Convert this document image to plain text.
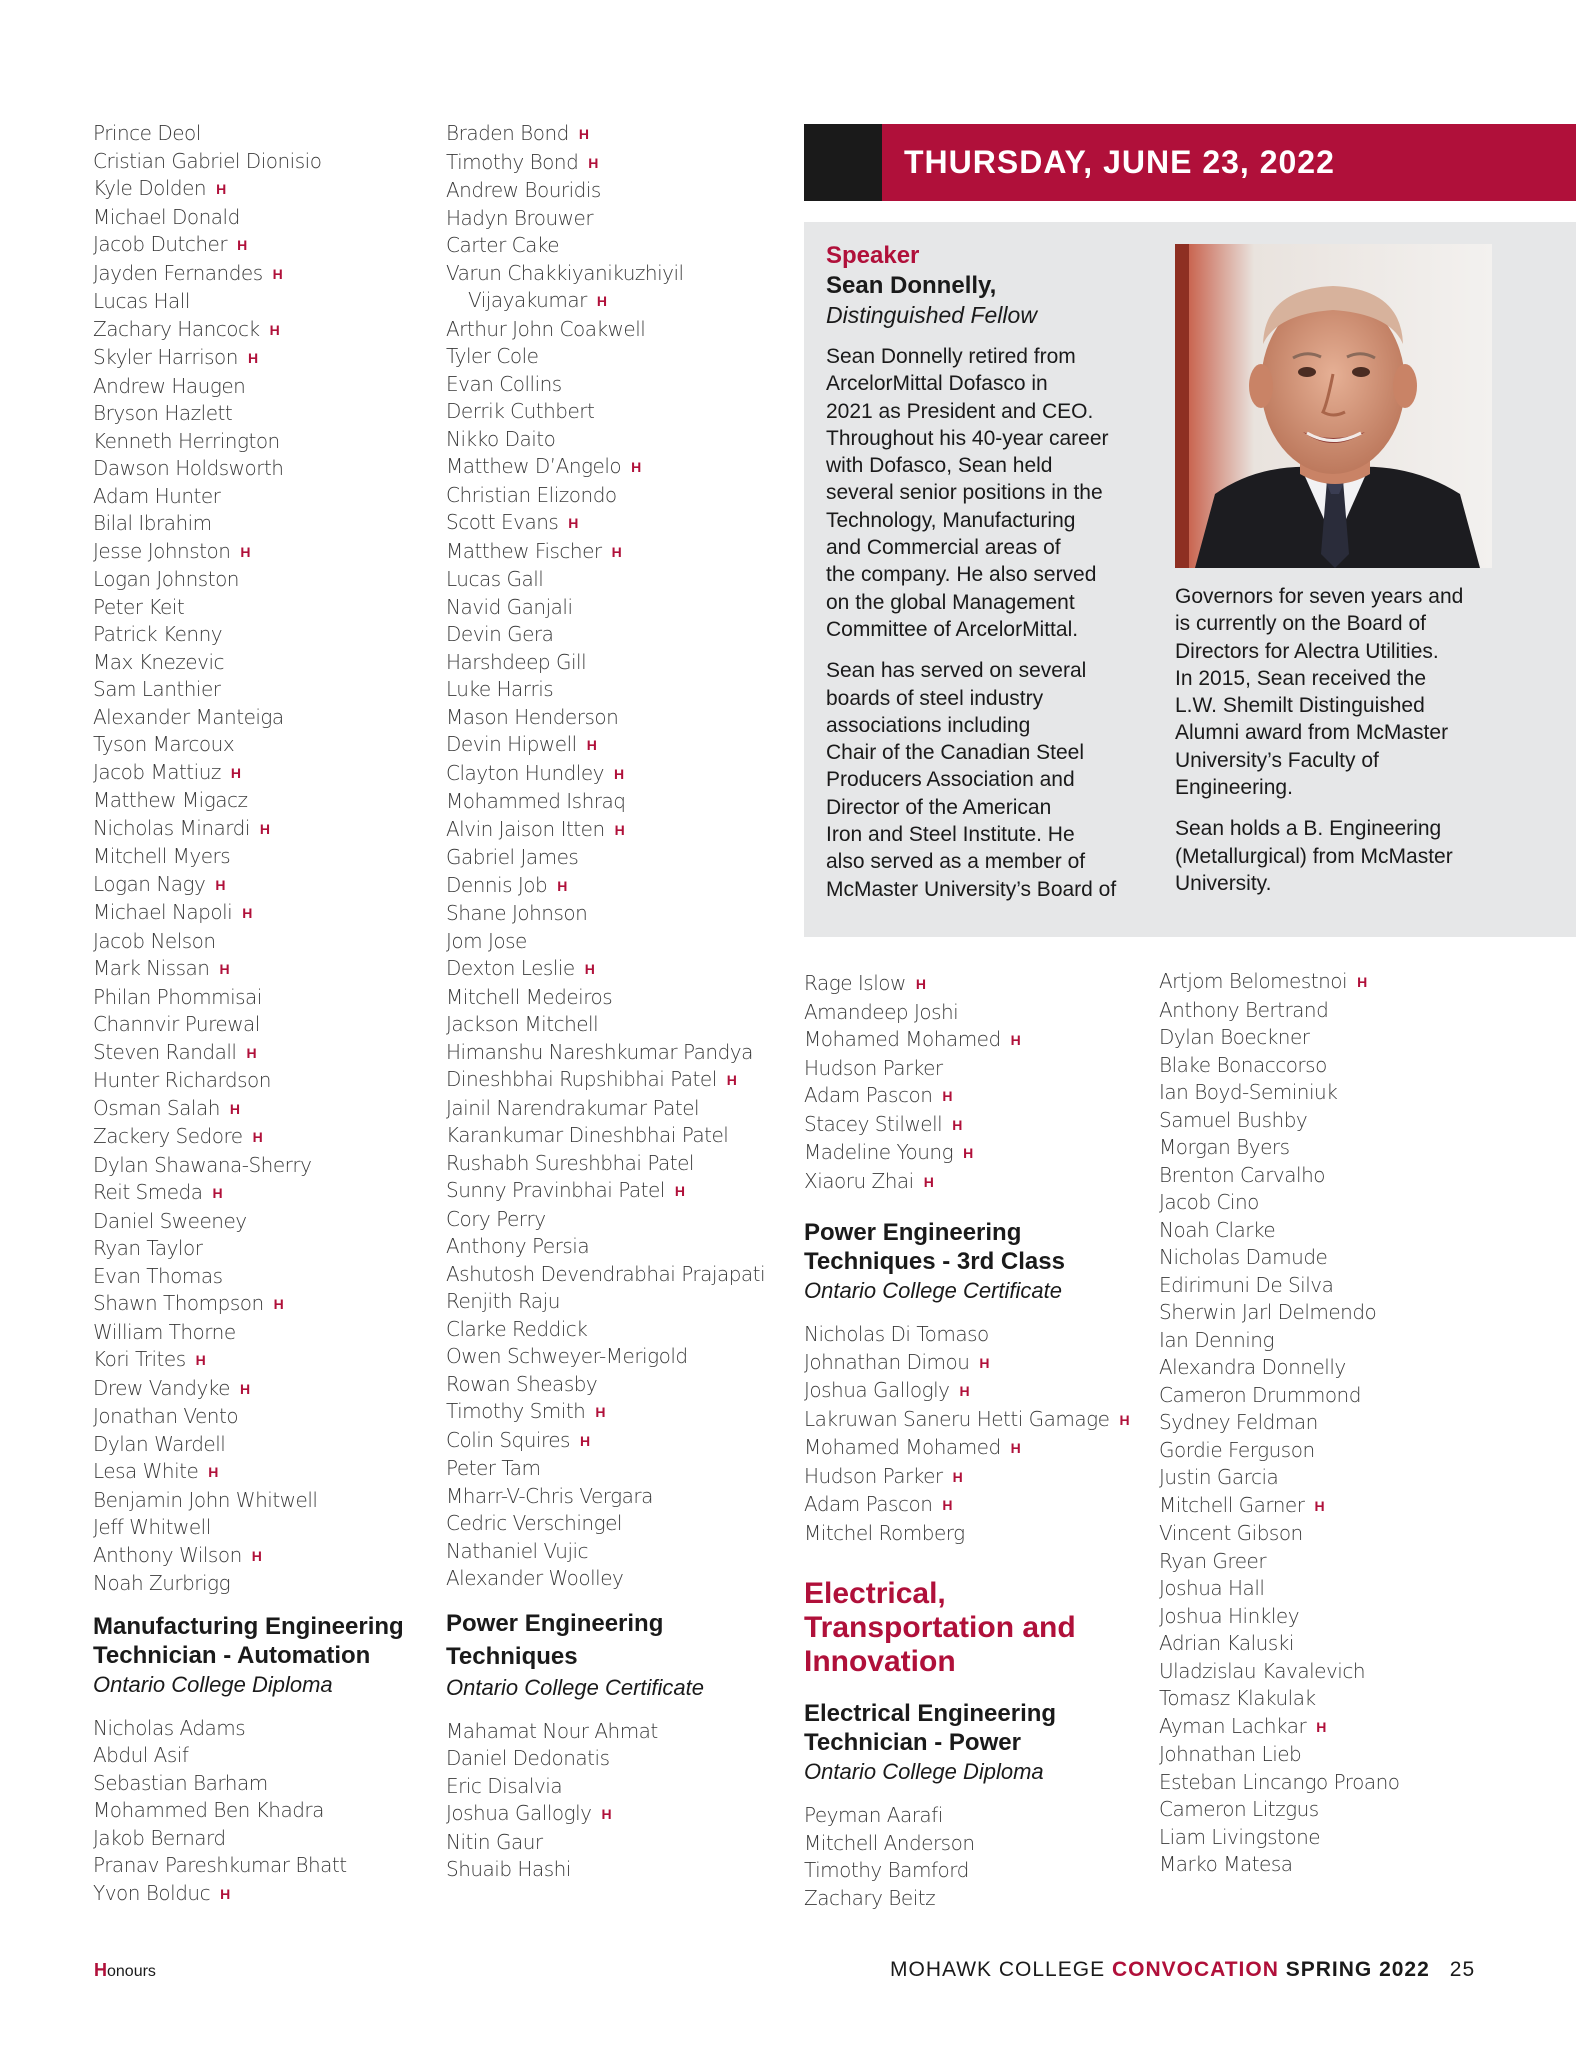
Prince Deol
Cristian Gabriel Dionisio
Kyle Dolden H
Michael Donald
Jacob Dutcher H
Jayden Fernandes H
Lucas Hall
Zachary Hancock H
Skyler Harrison H
Andrew Haugen
Bryson Hazlett
Kenneth Herrington
Dawson Holdsworth
Adam Hunter
Bilal Ibrahim
Jesse Johnston H
Logan Johnston
Peter Keit
Patrick Kenny
Max Knezevic
Sam Lanthier
Alexander Manteiga
Tyson Marcoux
Jacob Mattiuz H
Matthew Migacz
Nicholas Minardi H
Mitchell Myers
Logan Nagy H
Michael Napoli H
Jacob Nelson
Mark Nissan H
Philan Phommisai
Channvir Purewal
Steven Randall H
Hunter Richardson
Osman Salah H
Zackery Sedore H
Dylan Shawana-Sherry
Reit Smeda H
Daniel Sweeney
Ryan Taylor
Evan Thomas
Shawn Thompson H
William Thorne
Kori Trites H
Drew Vandyke H
Jonathan Vento
Dylan Wardell
Lesa White H
Benjamin John Whitwell
Jeff Whitwell
Anthony Wilson H
Noah Zurbrigg
Manufacturing Engineering
Technician - Automation
Ontario College Diploma
Nicholas Adams
Abdul Asif
Sebastian Barham
Mohammed Ben Khadra
Jakob Bernard
Pranav Pareshkumar Bhatt
Yvon Bolduc H
Braden Bond H
Timothy Bond H
Andrew Bouridis
Hadyn Brouwer
Carter Cake
Varun Chakkiyanikuzhiyil
Vijayakumar H
Arthur John Coakwell
Tyler Cole
Evan Collins
Derrik Cuthbert
Nikko Daito
Matthew D’Angelo H
Christian Elizondo
Scott Evans H
Matthew Fischer H
Lucas Gall
Navid Ganjali
Devin Gera
Harshdeep Gill
Luke Harris
Mason Henderson
Devin Hipwell H
Clayton Hundley H
Mohammed Ishraq
Alvin Jaison Itten H
Gabriel James
Dennis Job H
Shane Johnson
Jom Jose
Dexton Leslie H
Mitchell Medeiros
Jackson Mitchell
Himanshu Nareshkumar Pandya
Dineshbhai Rupshibhai Patel H
Jainil Narendrakumar Patel
Karankumar Dineshbhai Patel
Rushabh Sureshbhai Patel
Sunny Pravinbhai Patel H
Cory Perry
Anthony Persia
Ashutosh Devendrabhai Prajapati
Renjith Raju
Clarke Reddick
Owen Schweyer-Merigold
Rowan Sheasby
Timothy Smith H
Colin Squires H
Peter Tam
Mharr-V-Chris Vergara
Cedric Verschingel
Nathaniel Vujic
Alexander Woolley
Power Engineering
Techniques
Ontario College Certificate
Mahamat Nour Ahmat
Daniel Dedonatis
Eric Disalvia
Joshua Gallogly H
Nitin Gaur
Shuaib Hashi
THURSDAY, JUNE 23, 2022
Speaker
Sean Donnelly,
Distinguished Fellow
Sean Donnelly retired from
ArcelorMittal Dofasco in
2021 as President and CEO.
Throughout his 40-year career
with Dofasco, Sean held
several senior positions in the
Technology, Manufacturing
and Commercial areas of
the company. He also served
on the global Management
Committee of ArcelorMittal.
Sean has served on several
boards of steel industry
associations including
Chair of the Canadian Steel
Producers Association and
Director of the American
Iron and Steel Institute. He
also served as a member of
McMaster University’s Board of
Governors for seven years and
is currently on the Board of
Directors for Alectra Utilities.
In 2015, Sean received the
L.W. Shemilt Distinguished
Alumni award from McMaster
University’s Faculty of
Engineering.
Sean holds a B. Engineering
(Metallurgical) from McMaster
University.
Rage Islow H
Amandeep Joshi
Mohamed Mohamed H
Hudson Parker
Adam Pascon H
Stacey Stilwell H
Madeline Young H
Xiaoru Zhai H
Power Engineering
Techniques - 3rd Class
Ontario College Certificate
Nicholas Di Tomaso
Johnathan Dimou H
Joshua Gallogly H
Lakruwan Saneru Hetti Gamage H
Mohamed Mohamed H
Hudson Parker H
Adam Pascon H
Mitchel Romberg
Electrical,
Transportation and
Innovation
Electrical Engineering
Technician - Power
Ontario College Diploma
Peyman Aarafi
Mitchell Anderson
Timothy Bamford
Zachary Beitz
Artjom Belomestnoi H
Anthony Bertrand
Dylan Boeckner
Blake Bonaccorso
Ian Boyd-Seminiuk
Samuel Bushby
Morgan Byers
Brenton Carvalho
Jacob Cino
Noah Clarke
Nicholas Damude
Edirimuni De Silva
Sherwin Jarl Delmendo
Ian Denning
Alexandra Donnelly
Cameron Drummond
Sydney Feldman
Gordie Ferguson
Justin Garcia
Mitchell Garner H
Vincent Gibson
Ryan Greer
Joshua Hall
Joshua Hinkley
Adrian Kaluski
Uladzislau Kavalevich
Tomasz Klakulak
Ayman Lachkar H
Johnathan Lieb
Esteban Lincango Proano
Cameron Litzgus
Liam Livingstone
Marko Matesa
Honours	MOHAWK COLLEGE CONVOCATION SPRING 2022 25
